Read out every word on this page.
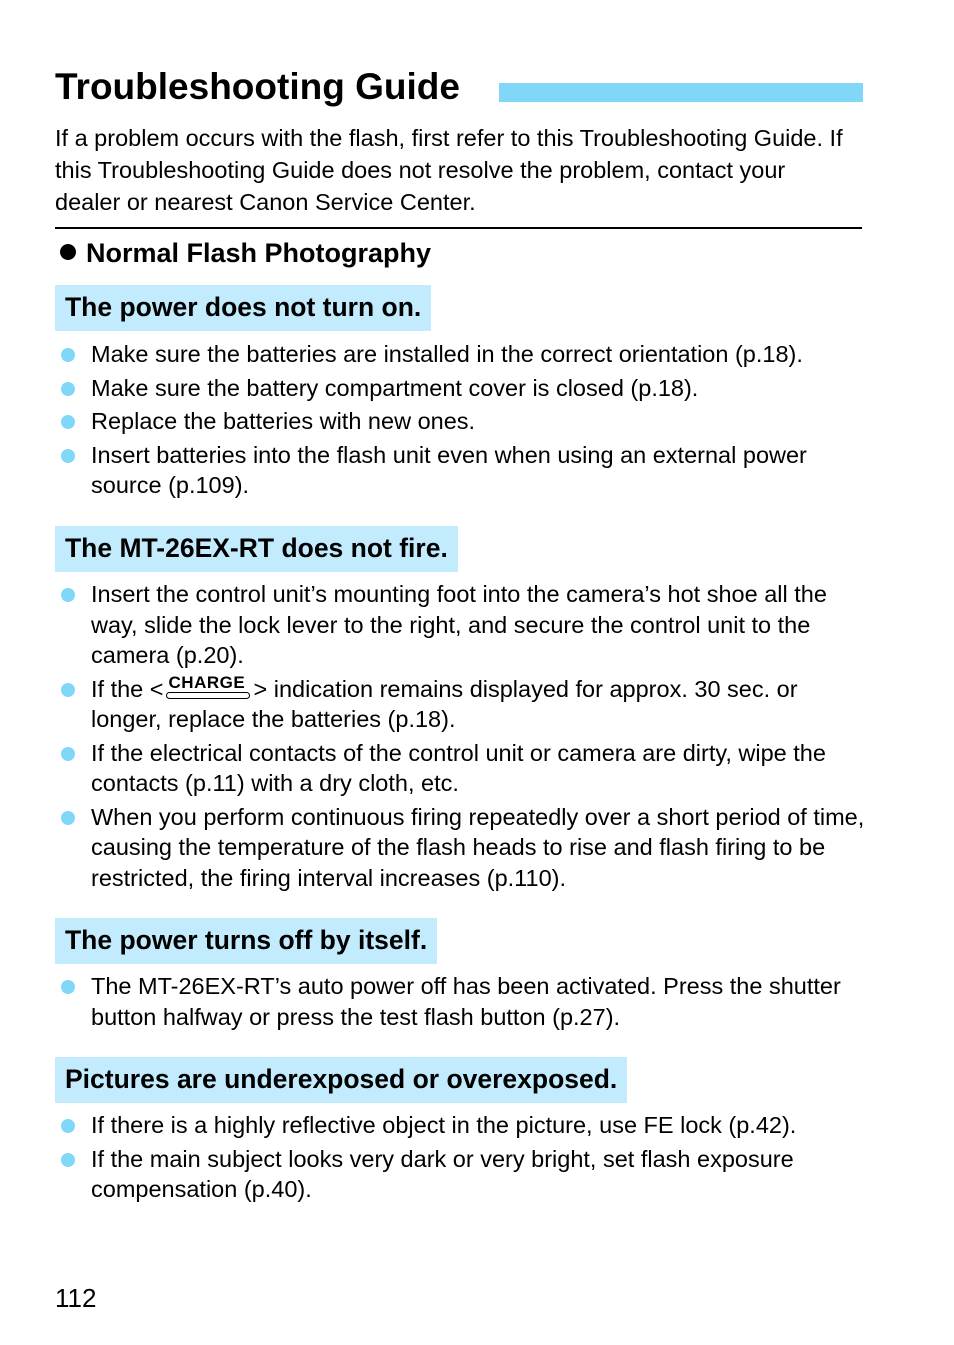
Troubleshooting Guide
If a problem occurs with the flash, first refer to this Troubleshooting Guide. If this Troubleshooting Guide does not resolve the problem, contact your dealer or nearest Canon Service Center.
Normal Flash Photography
The power does not turn on.
Make sure the batteries are installed in the correct orientation (p.18).
Make sure the battery compartment cover is closed (p.18).
Replace the batteries with new ones.
Insert batteries into the flash unit even when using an external power source (p.109).
The MT-26EX-RT does not fire.
Insert the control unit’s mounting foot into the camera’s hot shoe all the way, slide the lock lever to the right, and secure the control unit to the camera (p.20).
If the < CHARGE > indication remains displayed for approx. 30 sec. or longer, replace the batteries (p.18).
If the electrical contacts of the control unit or camera are dirty, wipe the contacts (p.11) with a dry cloth, etc.
When you perform continuous firing repeatedly over a short period of time, causing the temperature of the flash heads to rise and flash firing to be restricted, the firing interval increases (p.110).
The power turns off by itself.
The MT-26EX-RT’s auto power off has been activated. Press the shutter button halfway or press the test flash button (p.27).
Pictures are underexposed or overexposed.
If there is a highly reflective object in the picture, use FE lock (p.42).
If the main subject looks very dark or very bright, set flash exposure compensation (p.40).
112
